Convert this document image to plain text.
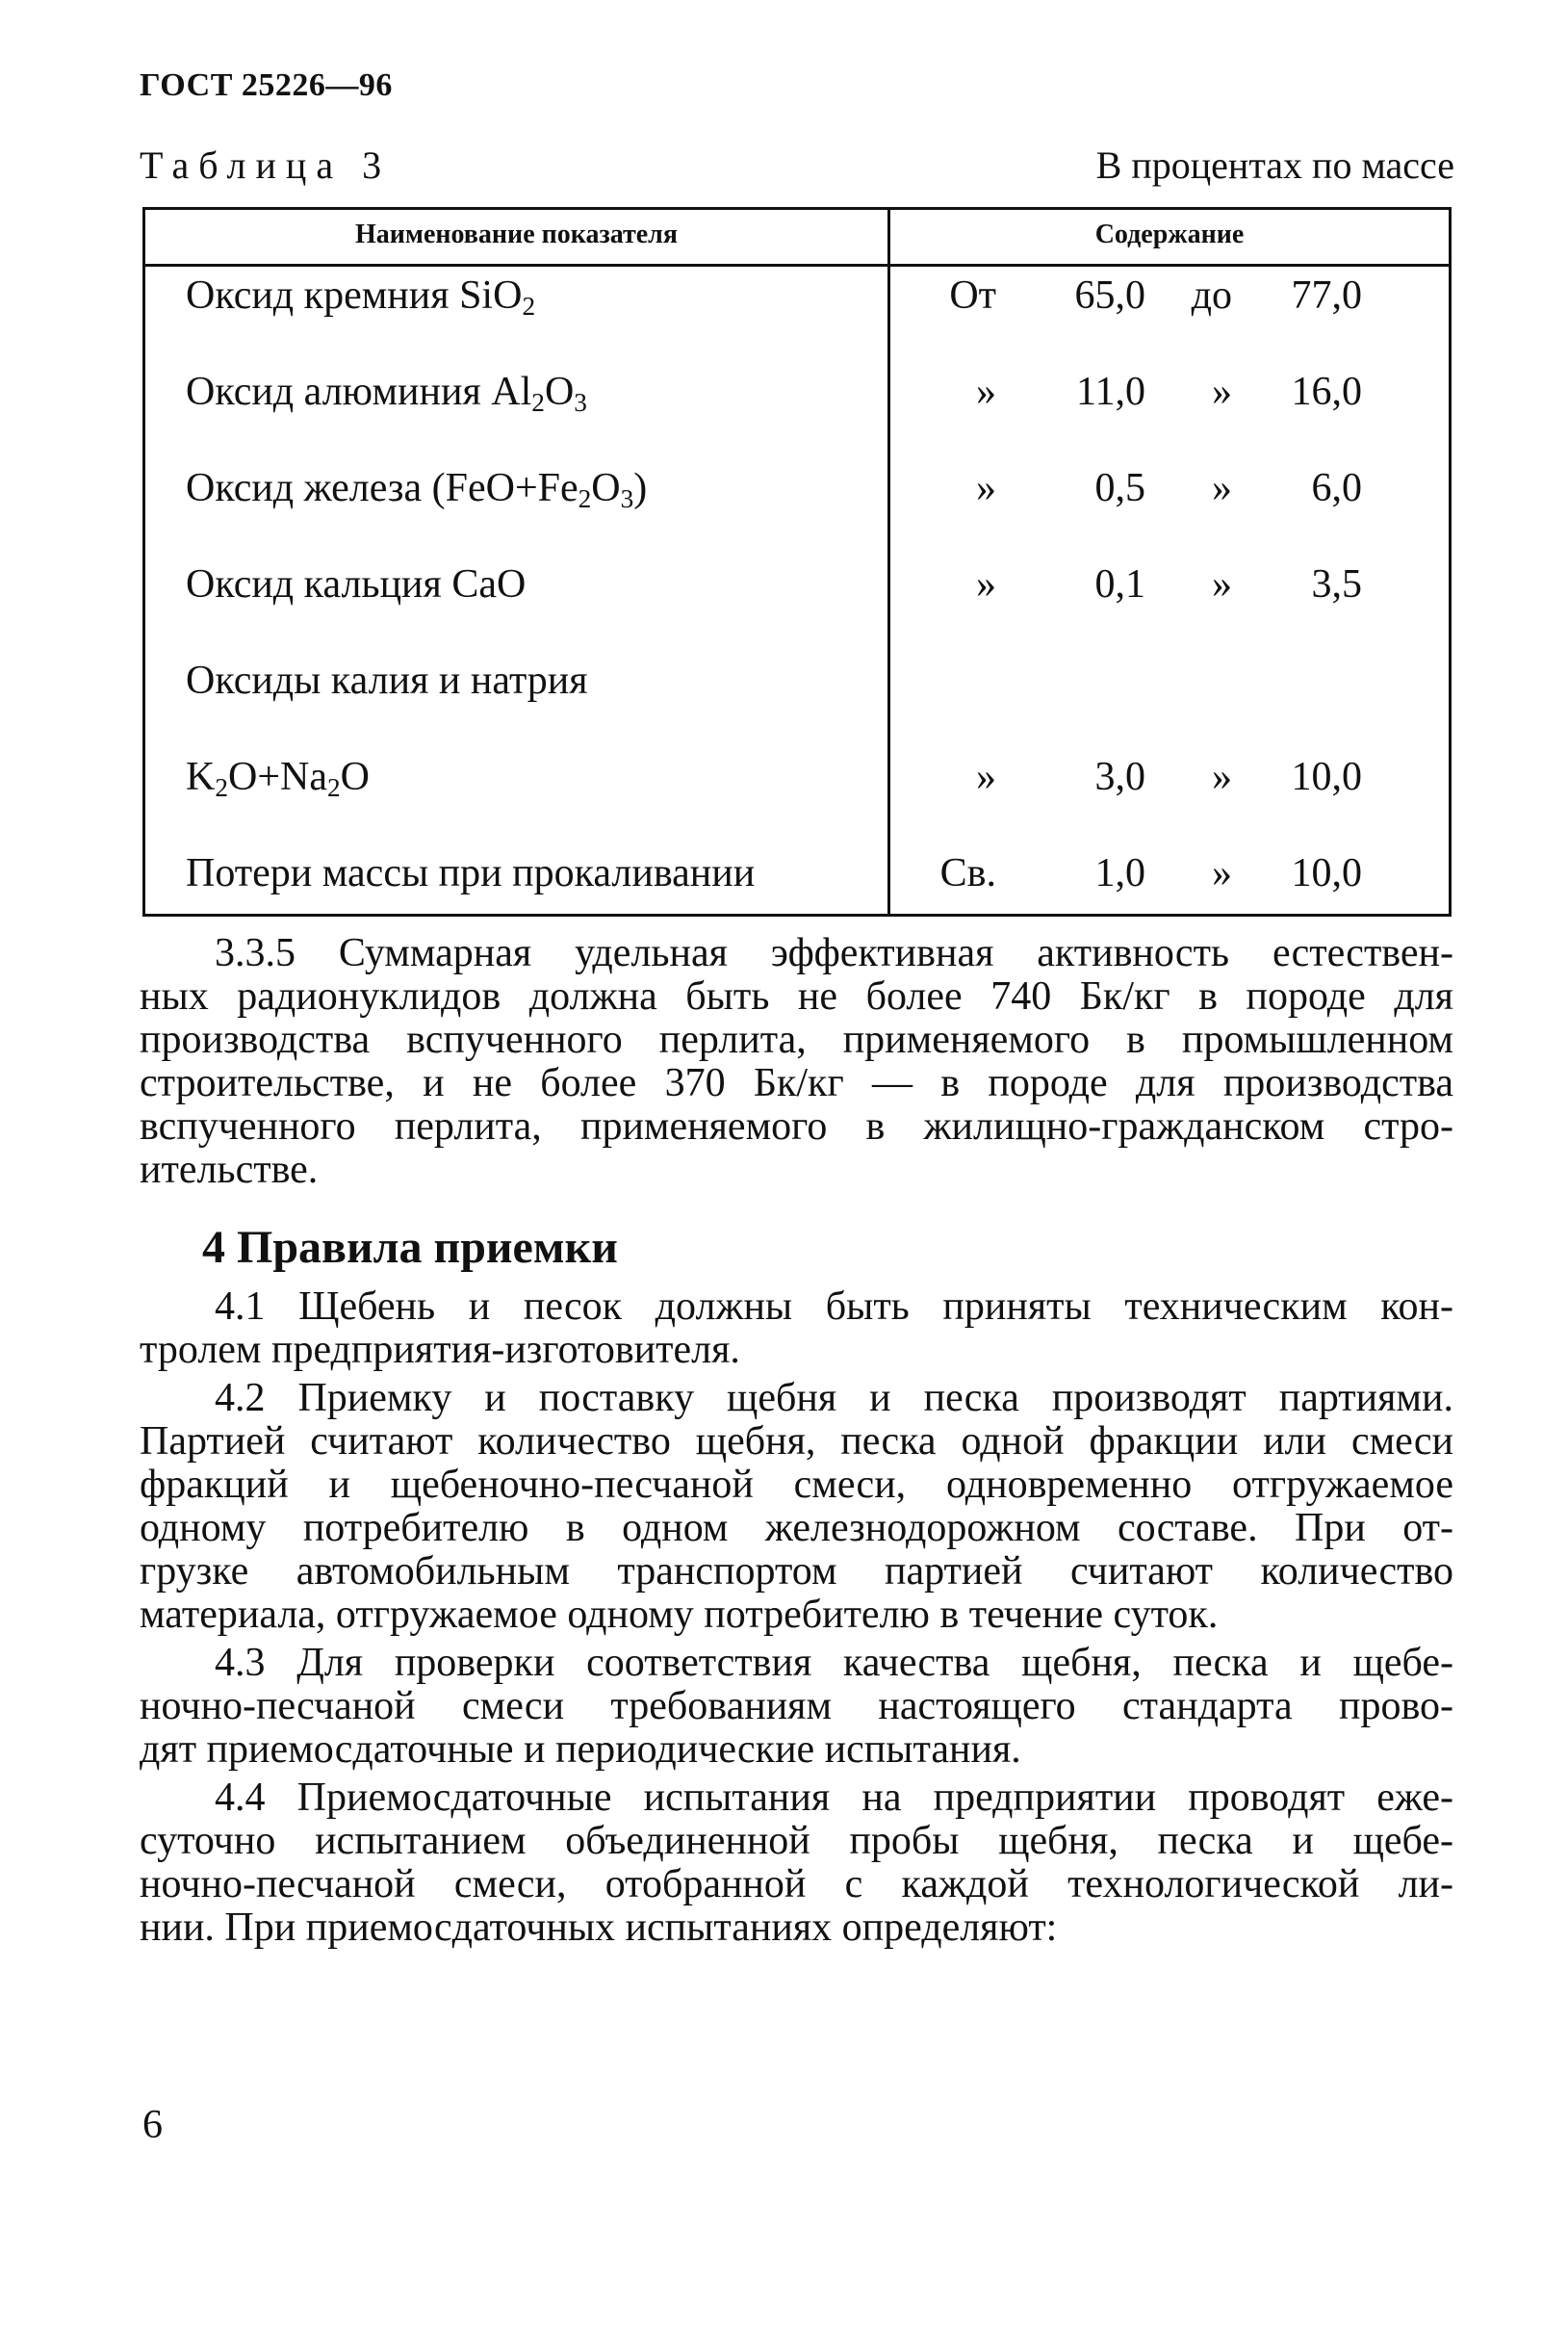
ГОСТ 25226—96
Таблица 3	В процентах по массе
Наименование показателя	Содержание
Оксид кремния SiO$_2$	От 65,0 до 77,0
Оксид алюминия $Al_2O_3$	» 11,0 » 16,0
Оксид железа $(FeO+Fe_2O_3)$	» 0,5 » 6,0
Оксид кальция CaO	» 0,1 » 3,5
Оксиды калия и натрия
$K_2O+Na_2O$	» 3,0 » 10,0
Потери массы при прокаливании	Св. 1,0 » 10,0
3.3.5 Суммарная удельная эффективная активность естествен-
ных радионуклидов должна быть не более 740 Бк/кг в породе для
производства вспученного перлита, применяемого в промышленном
строительстве, и не более 370 Бк/кг — в породе для производства
вспученного перлита, применяемого в жилищно-гражданском стро-
ительстве.
4 Правила приемки
4.1 Щебень и песок должны быть приняты техническим кон-
тролем предприятия-изготовителя.
4.2 Приемку и поставку щебня и песка производят партиями.
Партией считают количество щебня, песка одной фракции или смеси
фракций и щебеночно-песчаной смеси, одновременно отгружаемое
одному потребителю в одном железнодорожном составе. При от-
грузке автомобильным транспортом партией считают количество
материала, отгружаемое одному потребителю в течение суток.
4.3 Для проверки соответствия качества щебня, песка и щебе-
ночно-песчаной смеси требованиям настоящего стандарта прово-
дят приемосдаточные и периодические испытания.
4.4 Приемосдаточные испытания на предприятии проводят еже-
суточно испытанием объединенной пробы щебня, песка и щебе-
ночно-песчаной смеси, отобранной с каждой технологической ли-
нии. При приемосдаточных испытаниях определяют:
6
